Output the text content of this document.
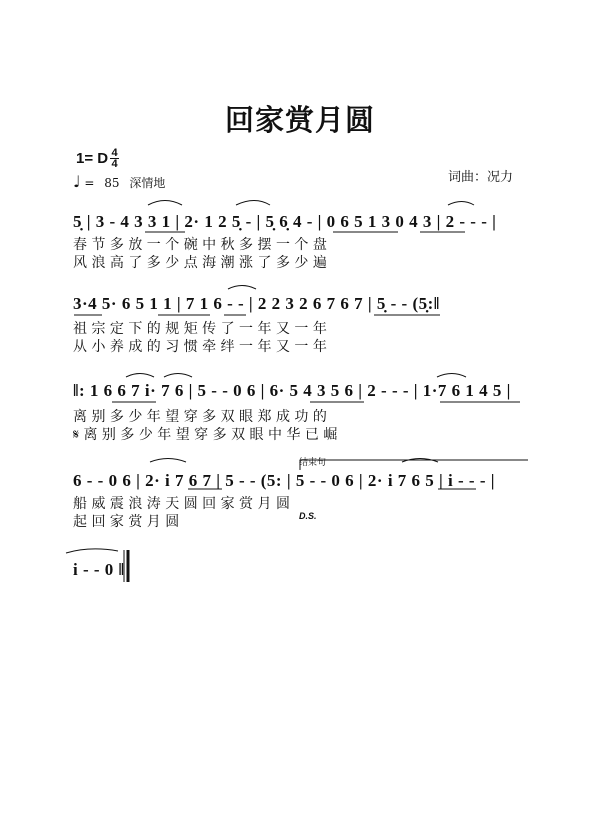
回家赏月圆
1= D 4
4
♩ = 85 深情地	词曲：况力
5̣ | 3 - 4 3 3 1 | 2· 1 2 5̣ - | 5̣ 6̣ 4 - | 0 6 5 1 3 0 4 3 | 2 - - - |
春 节 多 放 一 个 碗 中 秋 多 摆 一 个 盘
风 浪 高 了 多 少 点 海 潮 涨 了 多 少 遍
3·4 5· 6 5 1 1 | 7 1 6 - - | 2 2 3 2 6 7 6 7 | 5̣ - - (5̣:‖
祖 宗 定 下 的 规 矩 传 了 一 年 又 一 年
从 小 养 成 的 习 惯 牵 绊 一 年 又 一 年
‖: 1 6 6 7 i· 7 6 | 5 - - 0 6 | 6· 5 4 3 5 6 | 2 - - - | 1·7 6 1 4 5 |
离 别 多 少 年 望 穿 多 双 眼 郑 成 功 的
𝄋 离 别 多 少 年 望 穿 多 双 眼 中 华 已 崛
结束句
6 - - 0 6 | 2· i 7 6 7 | 5 - - (5: | 5 - - 0 6 | 2· i 7 6 5 | i - - - |
船 威 震 浪 涛 天 圆 回 家 赏 月 圆
起 回 家 赏 月 圆	D.S.
i - - 0 ‖
